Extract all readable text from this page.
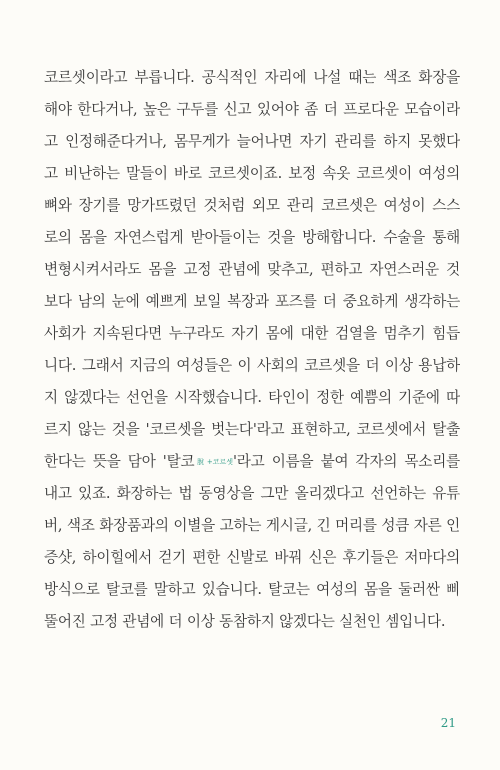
코르셋이라고 부릅니다. 공식적인 자리에 나설 때는 색조 화장을
해야 한다거나, 높은 구두를 신고 있어야 좀 더 프로다운 모습이라
고 인정해준다거나, 몸무게가 늘어나면 자기 관리를 하지 못했다
고 비난하는 말들이 바로 코르셋이죠. 보정 속옷 코르셋이 여성의
뼈와 장기를 망가뜨렸던 것처럼 외모 관리 코르셋은 여성이 스스
로의 몸을 자연스럽게 받아들이는 것을 방해합니다. 수술을 통해
변형시켜서라도 몸을 고정 관념에 맞추고, 편하고 자연스러운 것
보다 남의 눈에 예쁘게 보일 복장과 포즈를 더 중요하게 생각하는
사회가 지속된다면 누구라도 자기 몸에 대한 검열을 멈추기 힘듭
니다. 그래서 지금의 여성들은 이 사회의 코르셋을 더 이상 용납하
지 않겠다는 선언을 시작했습니다. 타인이 정한 예쁨의 기준에 따
르지 않는 것을 '코르셋을 벗는다'라고 표현하고, 코르셋에서 탈출
한다는 뜻을 담아 '탈코脫+코르셋'라고 이름을 붙여 각자의 목소리를
내고 있죠. 화장하는 법 동영상을 그만 올리겠다고 선언하는 유튜
버, 색조 화장품과의 이별을 고하는 게시글, 긴 머리를 성큼 자른 인
증샷, 하이힐에서 걷기 편한 신발로 바꿔 신은 후기들은 저마다의
방식으로 탈코를 말하고 있습니다. 탈코는 여성의 몸을 둘러싼 삐
뚤어진 고정 관념에 더 이상 동참하지 않겠다는 실천인 셈입니다.
21
